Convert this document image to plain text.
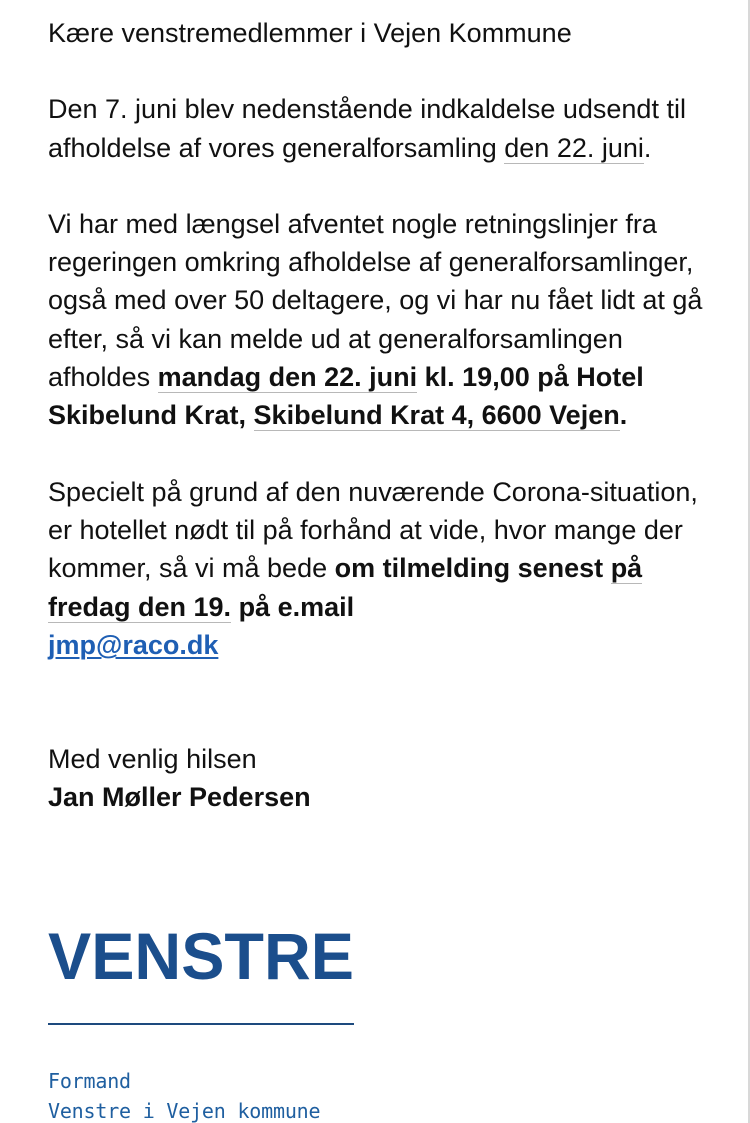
Kære venstremedlemmer i Vejen Kommune

Den 7. juni blev nedenstående indkaldelse udsendt til afholdelse af vores generalforsamling den 22. juni.

Vi har med længsel afventet nogle retningslinjer fra regeringen omkring afholdelse af generalforsamlinger, også med over 50 deltagere, og vi har nu fået lidt at gå efter, så vi kan melde ud at generalforsamlingen afholdes mandag den 22. juni kl. 19,00 på Hotel Skibelund Krat, Skibelund Krat 4, 6600 Vejen.

Specielt på grund af den nuværende Corona-situation, er hotellet nødt til på forhånd at vide, hvor mange der kommer, så vi må bede om tilmelding senest på fredag den 19. på e.mail
jmp@raco.dk

Med venlig hilsen

Jan Møller Pedersen

VENSTRE
Formand
Venstre i Vejen kommune
